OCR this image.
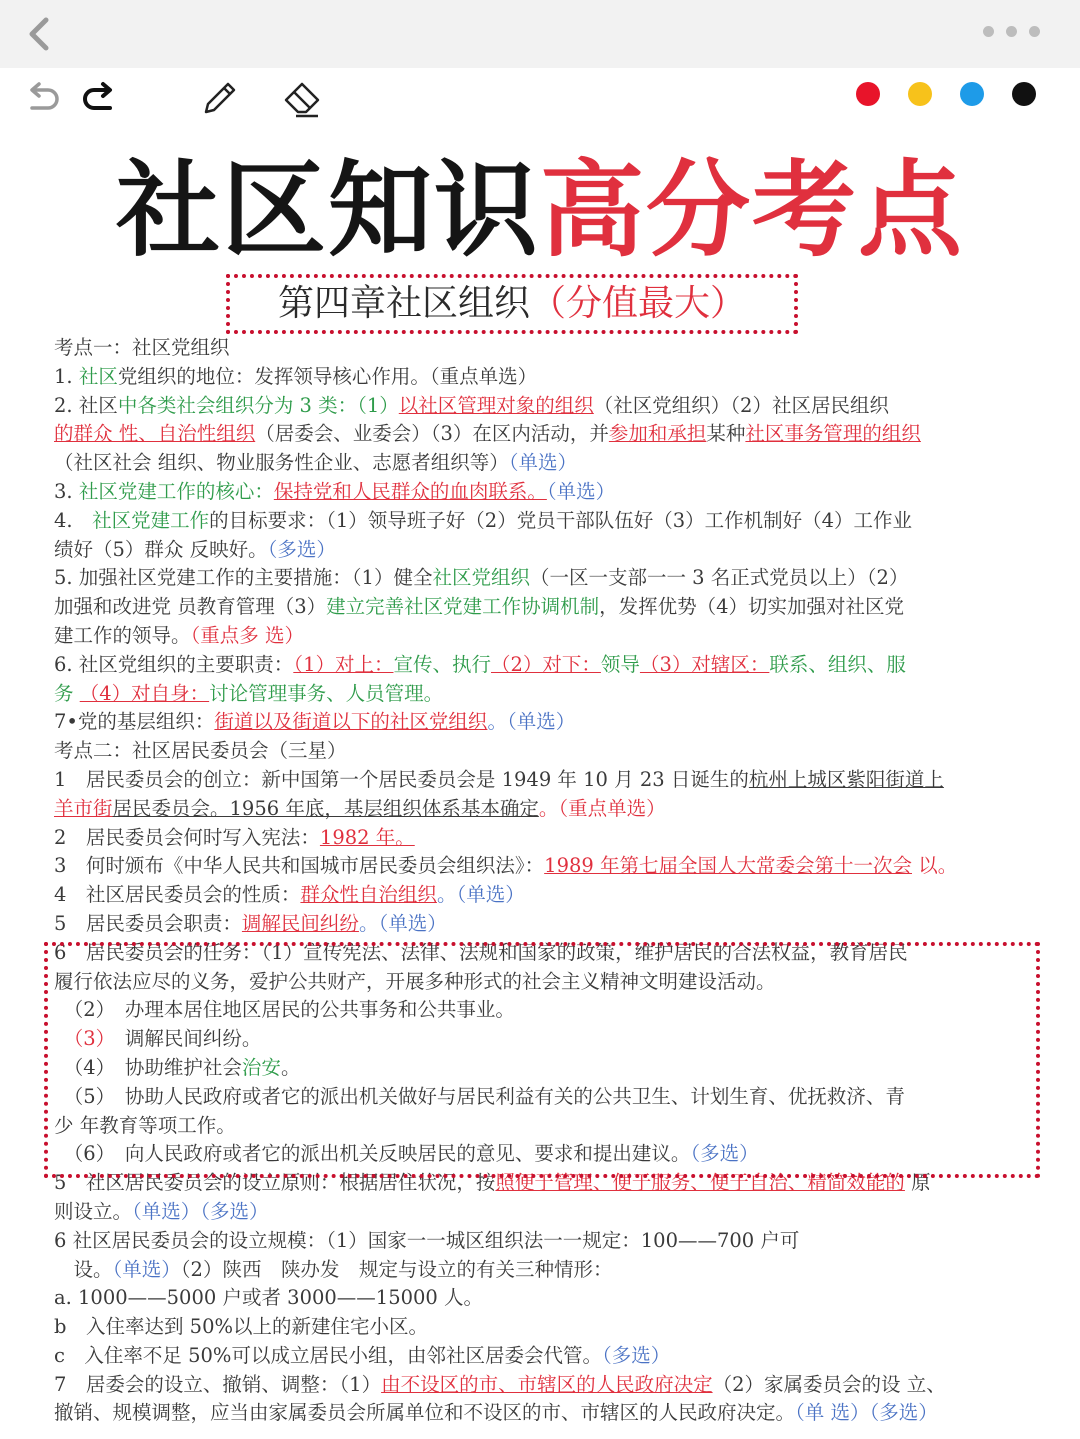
社区知识高分考点
第四章社区组织（分值最大）
考点一：社区党组织
1. 社区党组织的地位：发挥领导核心作用。（重点单选）
2. 社区中各类社会组织分为 3 类：（1）以社区管理对象的组织（社区党组织）（2）社区居民组织
的群众 性、自治性组织（居委会、业委会）（3）在区内活动，并参加和承担某种社区事务管理的组织
（社区社会 组织、物业服务性企业、志愿者组织等）（单选）
3. 社区党建工作的核心：保持党和人民群众的血肉联系。（单选）
4.　社区党建工作的目标要求：（1）领导班子好（2）党员干部队伍好（3）工作机制好（4）工作业
绩好（5）群众 反映好。（多选）
5. 加强社区党建工作的主要措施：（1）健全社区党组织（一区一支部一一 3 名正式党员以上）（2）
加强和改进党 员教育管理（3）建立完善社区党建工作协调机制，发挥优势（4）切实加强对社区党
建工作的领导。（重点多 选）
6. 社区党组织的主要职责：（1）对上：宣传、执行（2）对下：领导（3）对辖区：联系、组织、服
务 （4）对自身：讨论管理事务、人员管理。
7•党的基层组织：街道以及街道以下的社区党组织。（单选）
考点二：社区居民委员会（三星）
1　居民委员会的创立：新中国第一个居民委员会是 1949 年 10 月 23 日诞生的杭州上城区紫阳街道上
羊市街居民委员会。1956 年底，基层组织体系基本确定。（重点单选）
2　居民委员会何时写入宪法：1982 年。
3　何时颁布《中华人民共和国城市居民委员会组织法》：1989 年第七届全国人大常委会第十一次会 以。
4　社区居民委员会的性质：群众性自治组织。（单选）
5　居民委员会职责：调解民间纠纷。（单选）
6　居民委员会的任务：（1）宣传宪法、法律、法规和国家的政策，维护居民的合法权益，教育居民
履行依法应尽的义务，爱护公共财产，开展多种形式的社会主义精神文明建设活动。
　（2）　办理本居住地区居民的公共事务和公共事业。
　（3）　调解民间纠纷。
　（4）　协助维护社会治安。
　（5）　协助人民政府或者它的派出机关做好与居民利益有关的公共卫生、计划生育、优抚救济、青
少 年教育等项工作。
　（6）　向人民政府或者它的派出机关反映居民的意见、要求和提出建议。（多选）
5　社区居民委员会的设立原则：根据居住状况，按照便于管理、便于服务、便于自治、精简效能的 原
则设立。（单选）（多选）
6 社区居民委员会的设立规模：（1）国家一一城区组织法一一规定：100——700 户可
　设。（单选）（2）陕西　陕办发　规定与设立的有关三种情形：
a. 1000——5000 户或者 3000——15000 人。
b　入住率达到 50%以上的新建住宅小区。
c　入住率不足 50%可以成立居民小组，由邻社区居委会代管。（多选）
7　居委会的设立、撤销、调整：（1）由不设区的市、市辖区的人民政府决定（2）家属委员会的设 立、
撤销、规模调整，应当由家属委员会所属单位和不设区的市、市辖区的人民政府决定。（单 选）（多选）
